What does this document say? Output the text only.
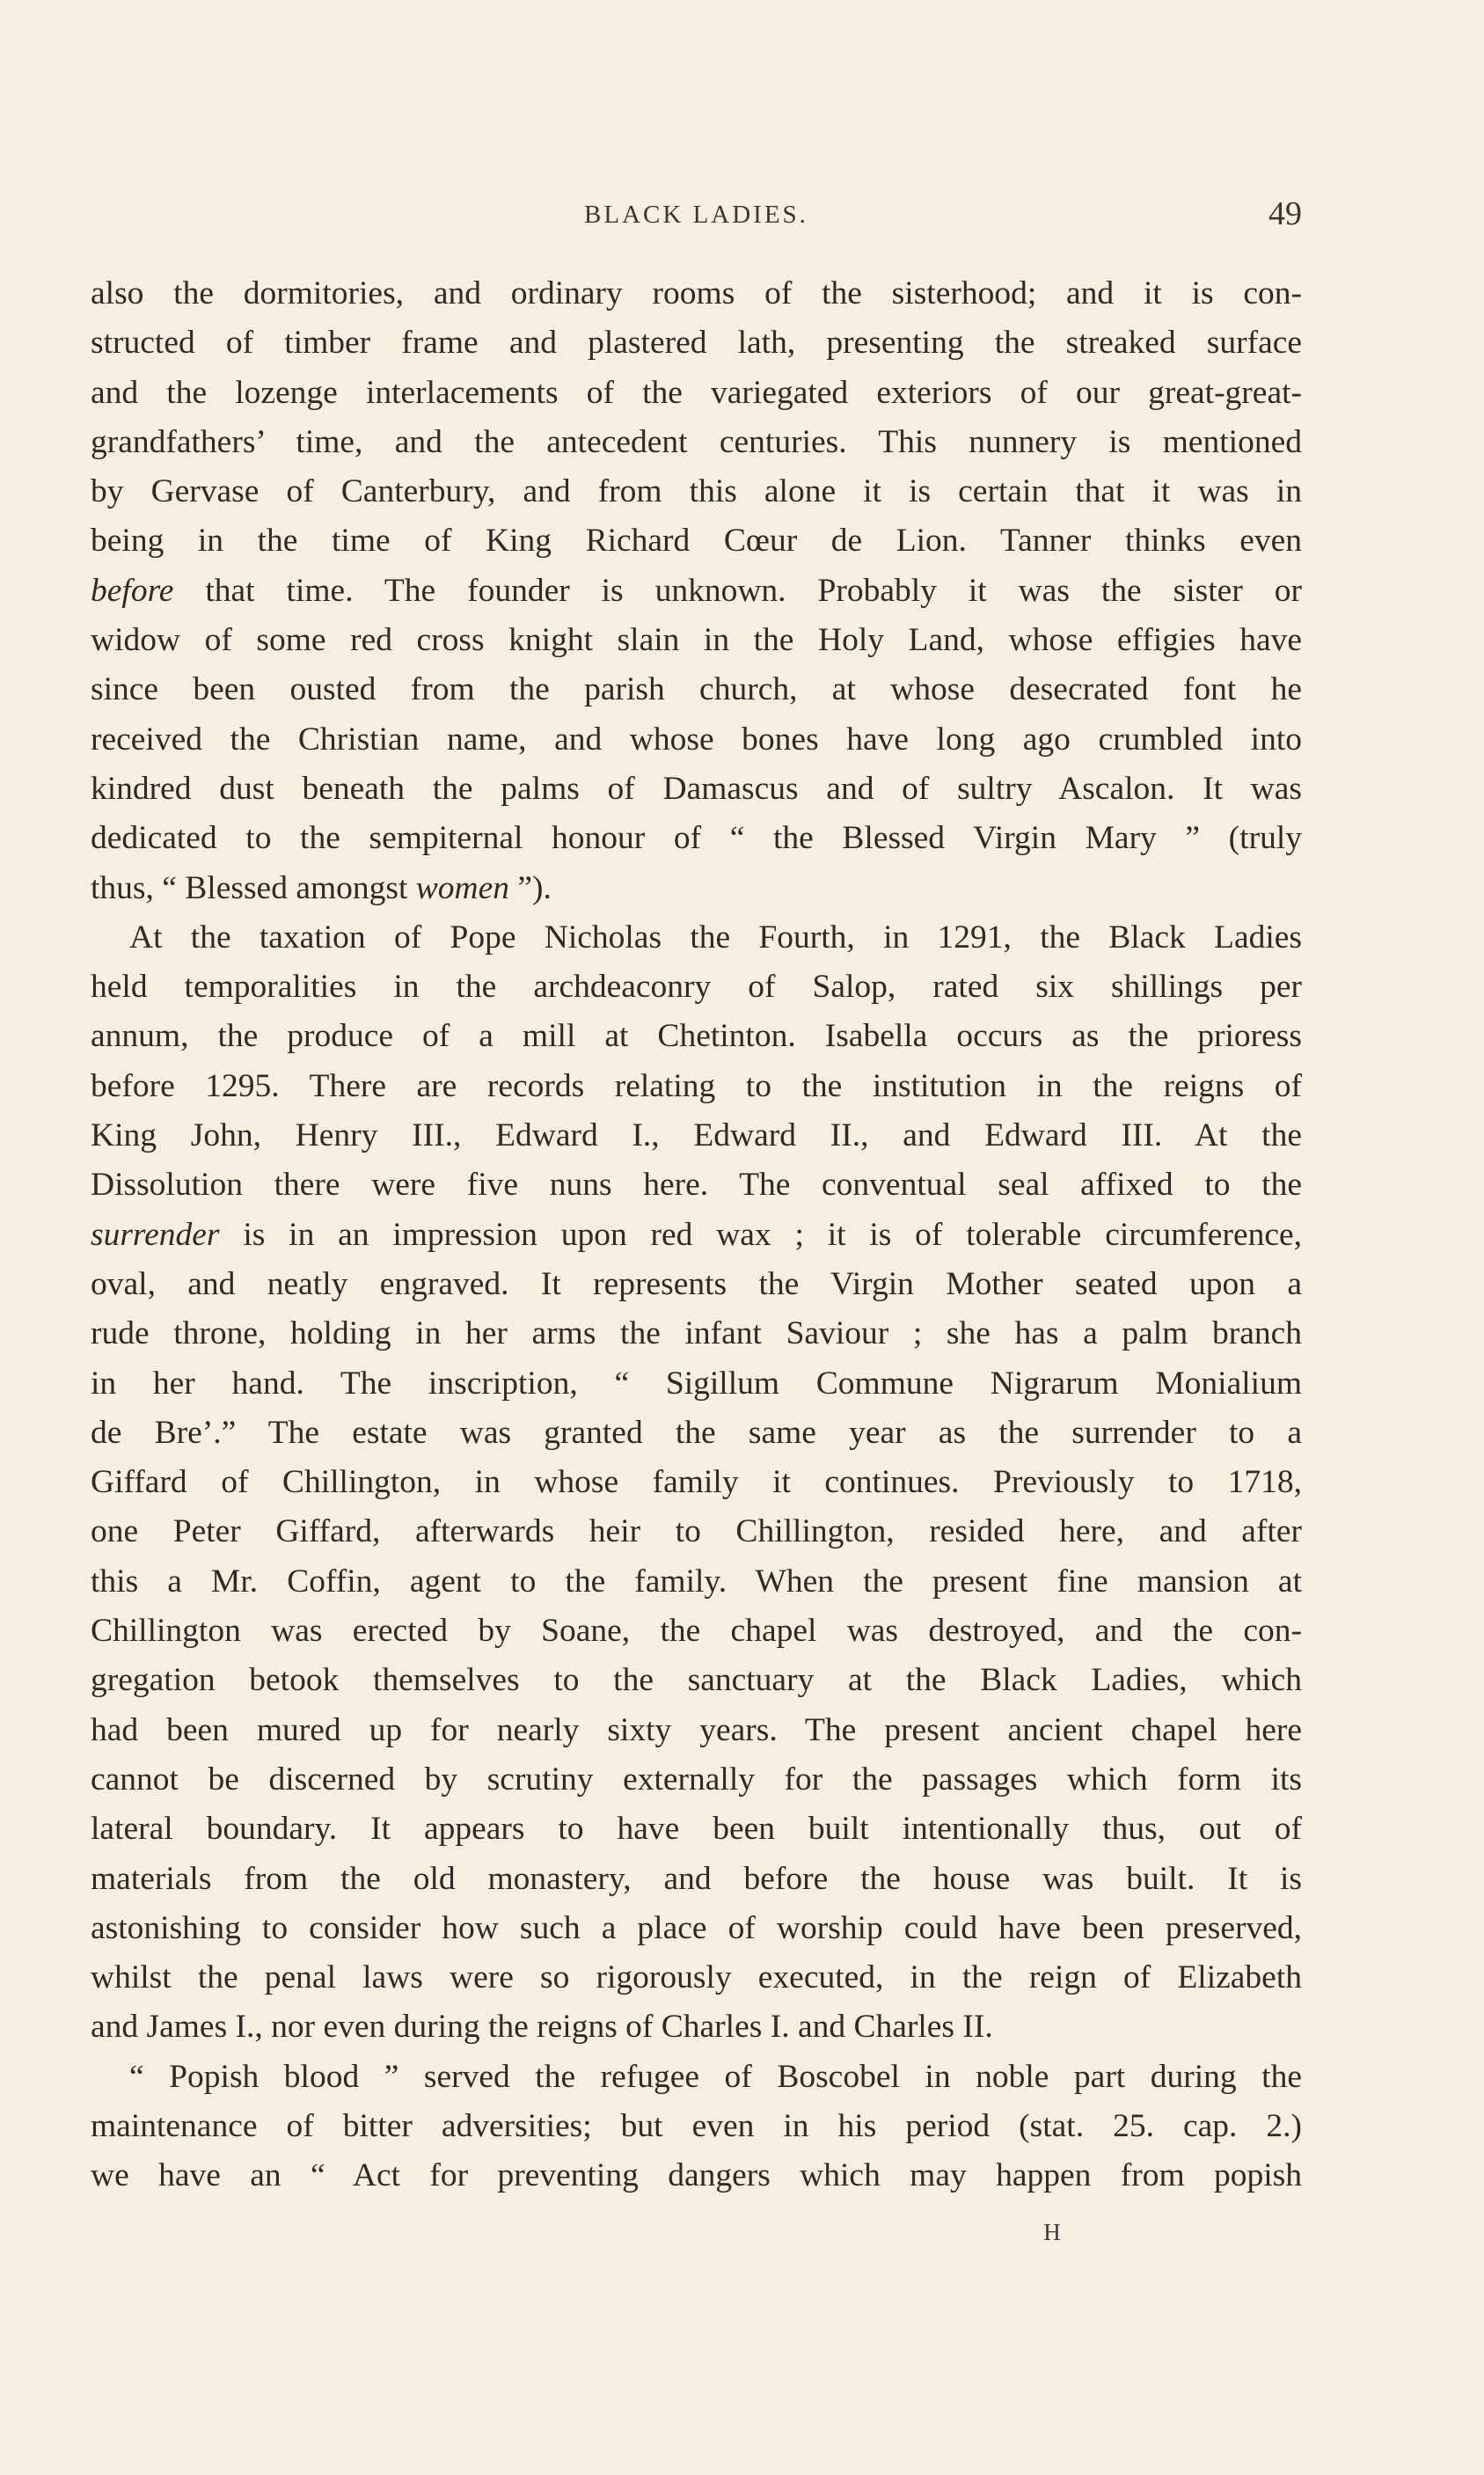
BLACK LADIES.	49
also the dormitories, and ordinary rooms of the sisterhood; and it is con-
structed of timber frame and plastered lath, presenting the streaked surface
and the lozenge interlacements of the variegated exteriors of our great-great-
grandfathers’ time, and the antecedent centuries. This nunnery is mentioned
by Gervase of Canterbury, and from this alone it is certain that it was in
being in the time of King Richard Cœur de Lion. Tanner thinks even
before that time. The founder is unknown. Probably it was the sister or
widow of some red cross knight slain in the Holy Land, whose effigies have
since been ousted from the parish church, at whose desecrated font he
received the Christian name, and whose bones have long ago crumbled into
kindred dust beneath the palms of Damascus and of sultry Ascalon. It was
dedicated to the sempiternal honour of “ the Blessed Virgin Mary ” (truly
thus, “ Blessed amongst women ”).
At the taxation of Pope Nicholas the Fourth, in 1291, the Black Ladies
held temporalities in the archdeaconry of Salop, rated six shillings per
annum, the produce of a mill at Chetinton. Isabella occurs as the prioress
before 1295. There are records relating to the institution in the reigns of
King John, Henry III., Edward I., Edward II., and Edward III. At the
Dissolution there were five nuns here. The conventual seal affixed to the
surrender is in an impression upon red wax ; it is of tolerable circumference,
oval, and neatly engraved. It represents the Virgin Mother seated upon a
rude throne, holding in her arms the infant Saviour ; she has a palm branch
in her hand. The inscription, “ Sigillum Commune Nigrarum Monialium
de Bre’.” The estate was granted the same year as the surrender to a
Giffard of Chillington, in whose family it continues. Previously to 1718,
one Peter Giffard, afterwards heir to Chillington, resided here, and after
this a Mr. Coffin, agent to the family. When the present fine mansion at
Chillington was erected by Soane, the chapel was destroyed, and the con-
gregation betook themselves to the sanctuary at the Black Ladies, which
had been mured up for nearly sixty years. The present ancient chapel here
cannot be discerned by scrutiny externally for the passages which form its
lateral boundary. It appears to have been built intentionally thus, out of
materials from the old monastery, and before the house was built. It is
astonishing to consider how such a place of worship could have been preserved,
whilst the penal laws were so rigorously executed, in the reign of Elizabeth
and James I., nor even during the reigns of Charles I. and Charles II.
“ Popish blood ” served the refugee of Boscobel in noble part during the
maintenance of bitter adversities; but even in his period (stat. 25. cap. 2.)
we have an “ Act for preventing dangers which may happen from popish
H
